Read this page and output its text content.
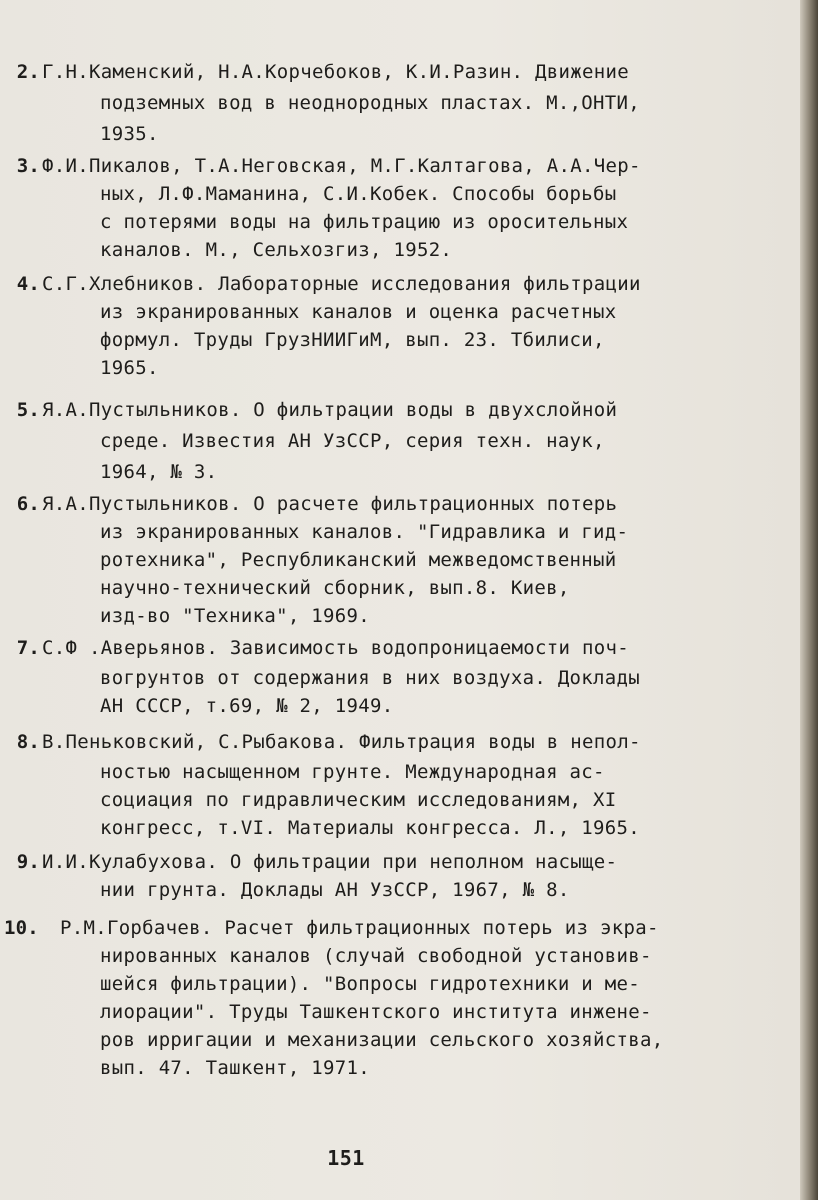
2. Г.Н.Каменский, Н.А.Корчебоков, К.И.Разин. Движение
подземных вод в неоднородных пластах. М.,ОНТИ,
1935.
3. Ф.И.Пикалов, Т.А.Неговская, М.Г.Калтагова, А.А.Чер-
ных, Л.Ф.Маманина, С.И.Кобек. Способы борьбы
с потерями воды на фильтрацию из оросительных
каналов. М., Сельхозгиз, 1952.
4. С.Г.Хлебников. Лабораторные исследования фильтрации
из экранированных каналов и оценка расчетных
формул. Труды ГрузНИИГиМ, вып. 23. Тбилиси,
1965.
5. Я.А.Пустыльников. О фильтрации воды в двухслойной
среде. Известия АН УзССР, серия техн. наук,
1964, № 3.
6. Я.А.Пустыльников. О расчете фильтрационных потерь
из экранированных каналов. "Гидравлика и гид-
ротехника", Республиканский межведомственный
научно-технический сборник, вып.8. Киев,
изд-во "Техника", 1969.
7. С.Ф .Аверьянов. Зависимость водопроницаемости поч-
вогрунтов от содержания в них воздуха. Доклады
АН СССР, т.69, № 2, 1949.
8. В.Пеньковский, С.Рыбакова. Фильтрация воды в непол-
ностью насыщенном грунте. Международная ас-
социация по гидравлическим исследованиям, XI
конгресс, т.VI. Материалы конгресса. Л., 1965.
9. И.И.Кулабухова. О фильтрации при неполном насыще-
нии грунта. Доклады АН УзССР, 1967, № 8.
10.	Р.М.Горбачев. Расчет фильтрационных потерь из экра-
нированных каналов (случай свободной установив-
шейся фильтрации). "Вопросы гидротехники и ме-
лиорации". Труды Ташкентского института инжене-
ров ирригации и механизации сельского хозяйства,
вып. 47. Ташкент, 1971.
151
